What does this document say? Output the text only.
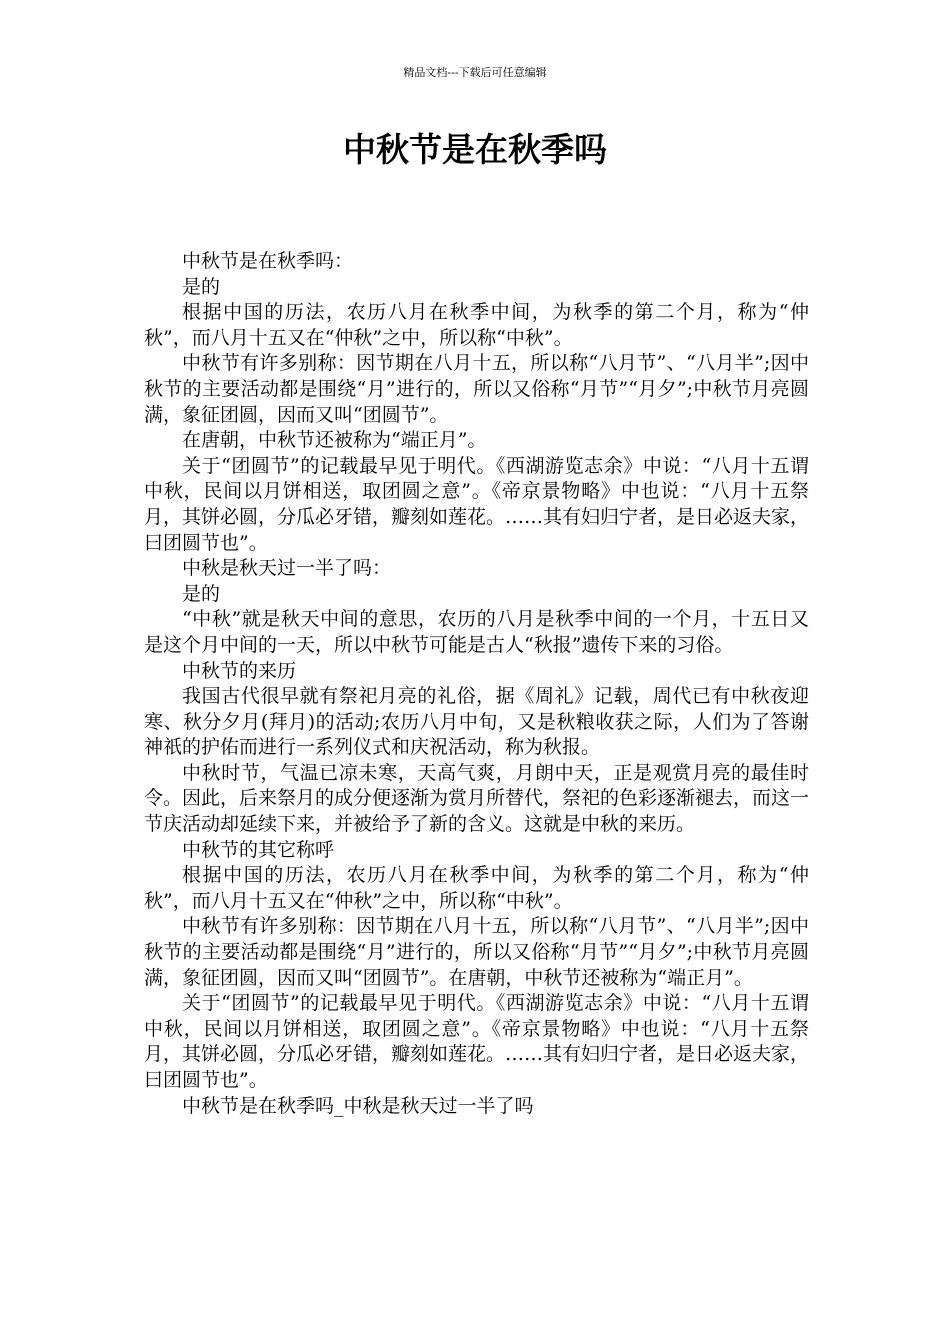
精品文档---下载后可任意编辑
中秋节是在秋季吗

中秋节是在秋季吗：

是的

根据中国的历法，农历八月在秋季中间，为秋季的第二个月，称为“仲秋”，而八月十五又在“仲秋”之中，所以称“中秋”。

中秋节有许多别称：因节期在八月十五，所以称“八月节”、“八月半”;因中秋节的主要活动都是围绕“月”进行的，所以又俗称“月节”“月夕”;中秋节月亮圆满，象征团圆，因而又叫“团圆节”。

在唐朝，中秋节还被称为“端正月”。

关于“团圆节”的记载最早见于明代。《西湖游览志余》中说：“八月十五谓中秋，民间以月饼相送，取团圆之意”。《帝京景物略》中也说：“八月十五祭月，其饼必圆，分瓜必牙错，瓣刻如莲花。……其有妇归宁者，是日必返夫家，曰团圆节也”。

中秋是秋天过一半了吗：

是的

“中秋”就是秋天中间的意思，农历的八月是秋季中间的一个月，十五日又是这个月中间的一天，所以中秋节可能是古人“秋报”遗传下来的习俗。

中秋节的来历

我国古代很早就有祭祀月亮的礼俗，据《周礼》记载，周代已有中秋夜迎寒、秋分夕月(拜月)的活动;农历八月中旬，又是秋粮收获之际，人们为了答谢神祇的护佑而进行一系列仪式和庆祝活动，称为秋报。

中秋时节，气温已凉未寒，天高气爽，月朗中天，正是观赏月亮的最佳时令。因此，后来祭月的成分便逐渐为赏月所替代，祭祀的色彩逐渐褪去，而这一节庆活动却延续下来，并被给予了新的含义。这就是中秋的来历。

中秋节的其它称呼

根据中国的历法，农历八月在秋季中间，为秋季的第二个月，称为“仲秋”，而八月十五又在“仲秋”之中，所以称“中秋”。

中秋节有许多别称：因节期在八月十五，所以称“八月节”、“八月半”;因中秋节的主要活动都是围绕“月”进行的，所以又俗称“月节”“月夕”;中秋节月亮圆满，象征团圆，因而又叫“团圆节”。在唐朝，中秋节还被称为“端正月”。

关于“团圆节”的记载最早见于明代。《西湖游览志余》中说：“八月十五谓中秋，民间以月饼相送，取团圆之意”。《帝京景物略》中也说：“八月十五祭月，其饼必圆，分瓜必牙错，瓣刻如莲花。……其有妇归宁者，是日必返夫家，曰团圆节也”。

中秋节是在秋季吗_中秋是秋天过一半了吗
